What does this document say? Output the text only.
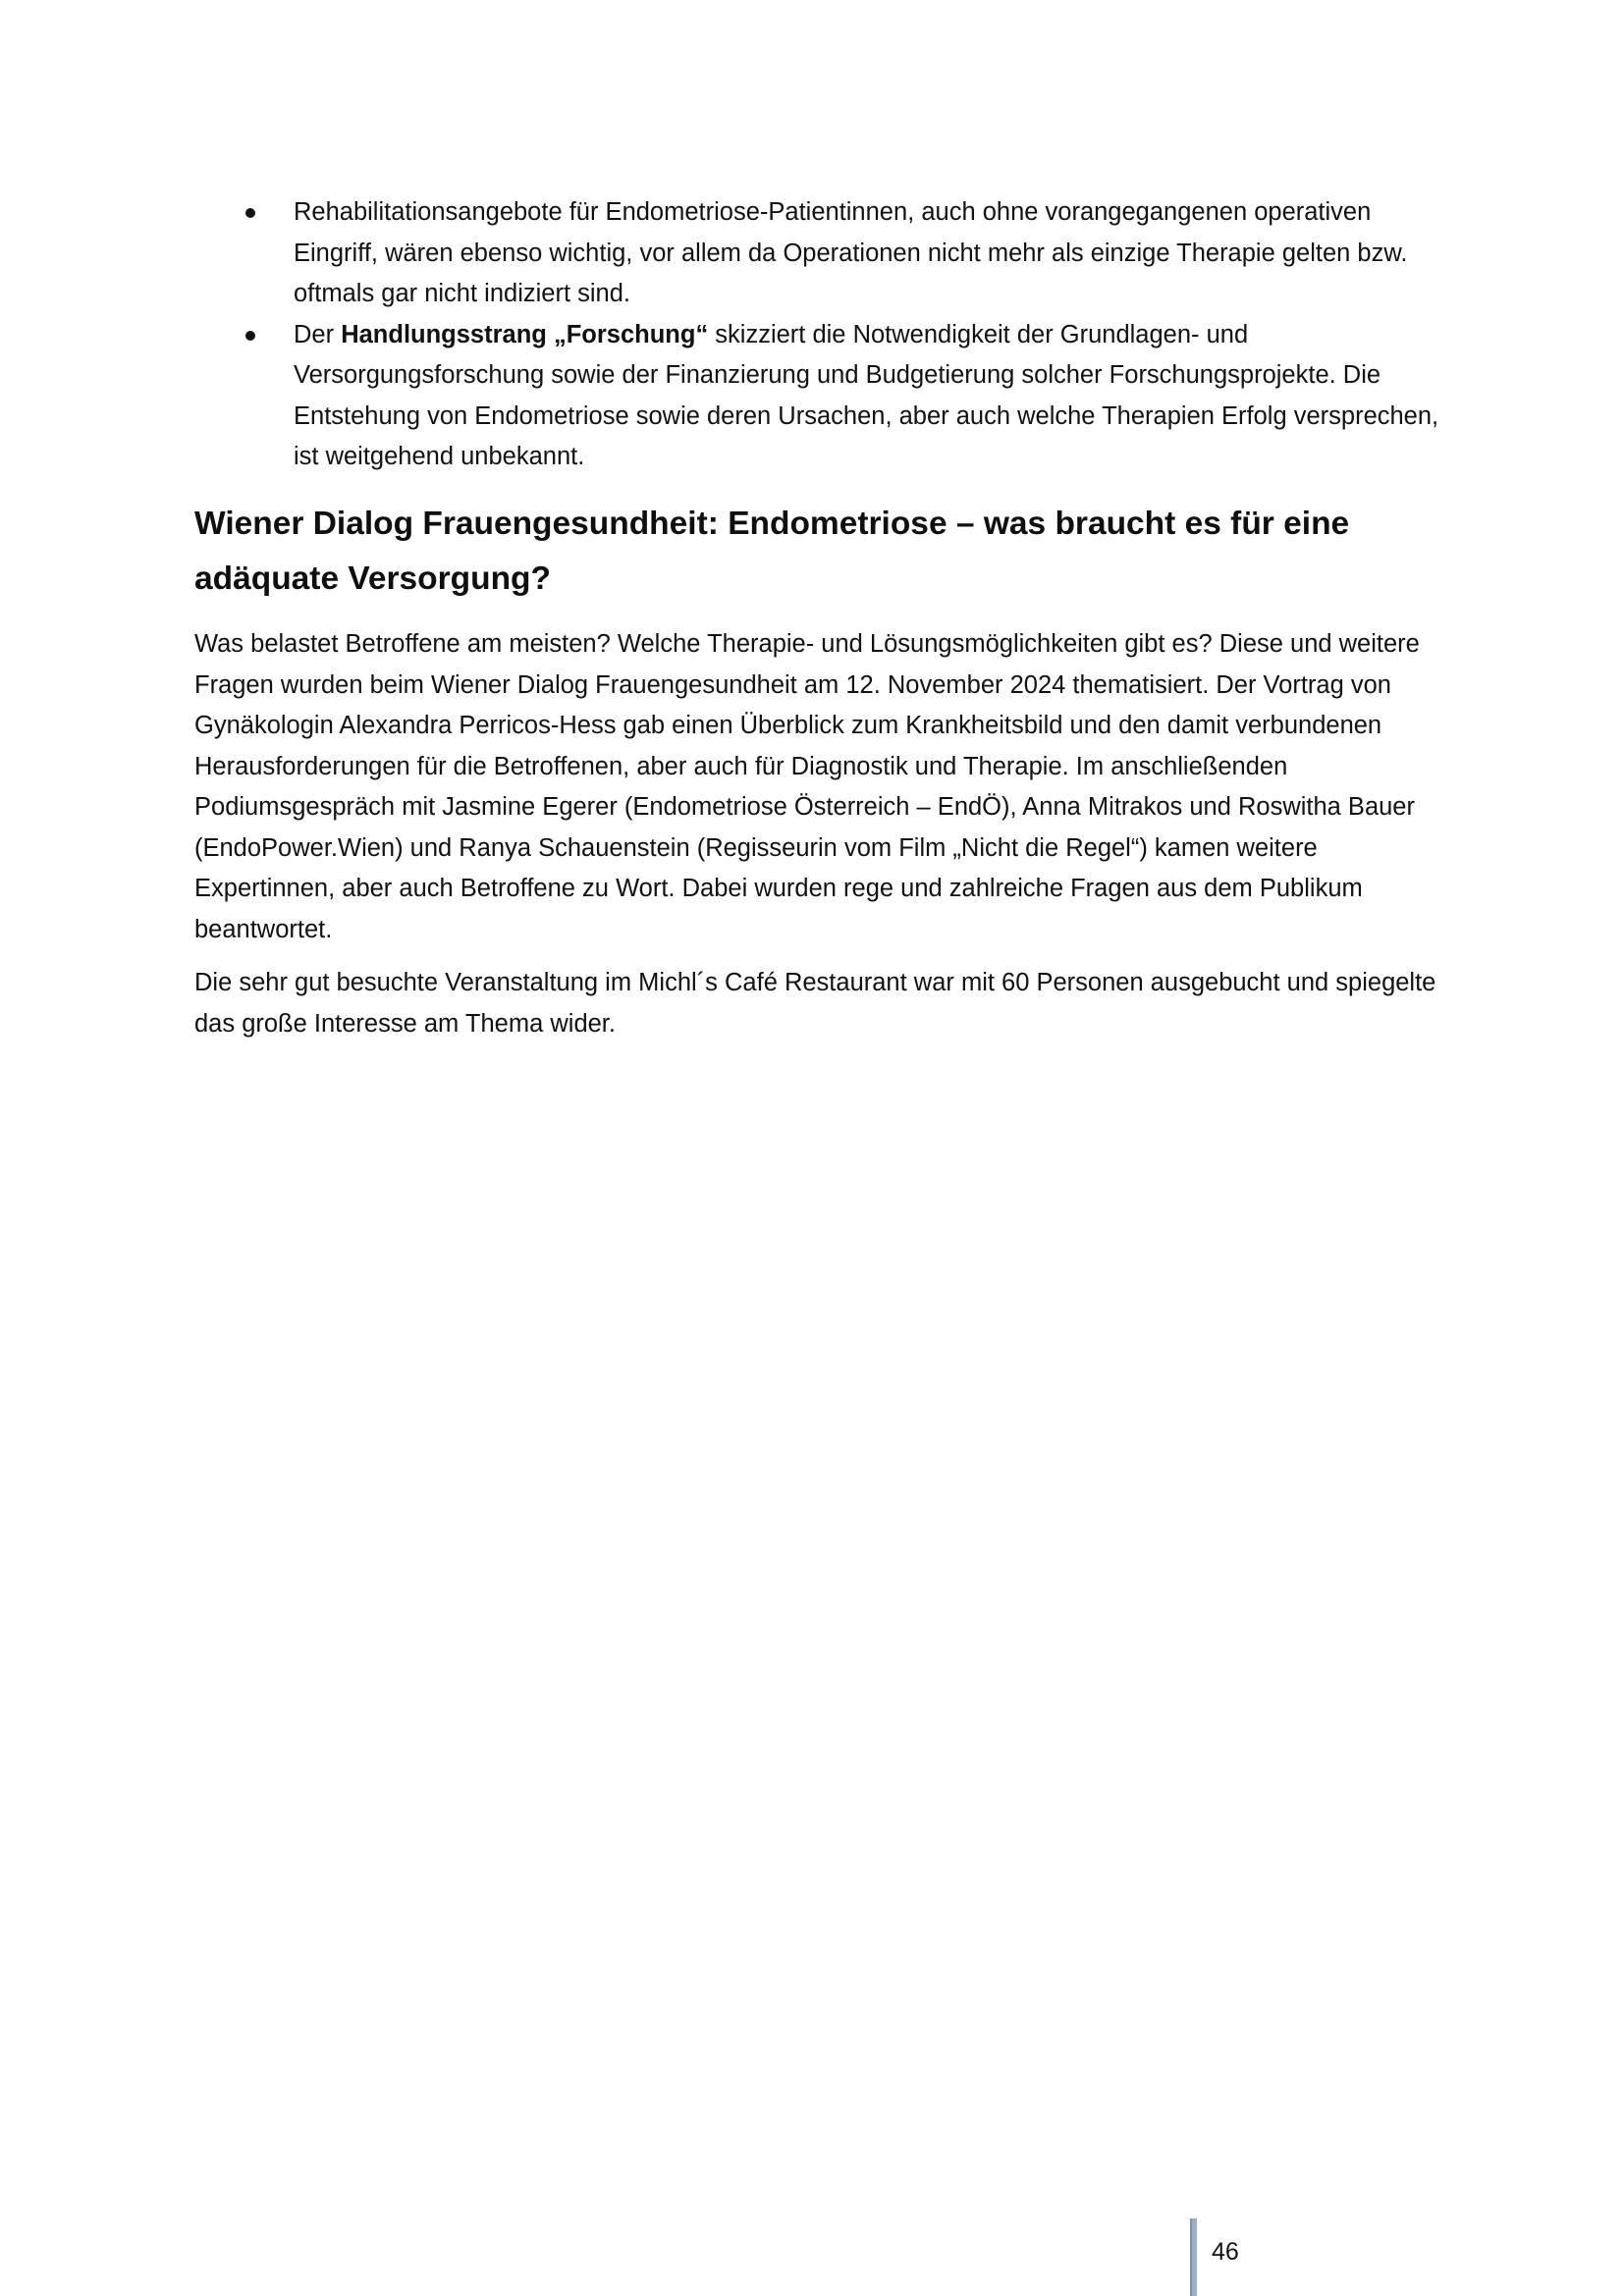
Rehabilitationsangebote für Endometriose-Patientinnen, auch ohne vorangegangenen operativen Eingriff, wären ebenso wichtig, vor allem da Operationen nicht mehr als einzige Therapie gelten bzw. oftmals gar nicht indiziert sind.
Der Handlungsstrang „Forschung“ skizziert die Notwendigkeit der Grundlagen- und Versorgungsforschung sowie der Finanzierung und Budgetierung solcher Forschungsprojekte. Die Entstehung von Endometriose sowie deren Ursachen, aber auch welche Therapien Erfolg versprechen, ist weitgehend unbekannt.
Wiener Dialog Frauengesundheit: Endometriose – was braucht es für eine adäquate Versorgung?

Was belastet Betroffene am meisten? Welche Therapie- und Lösungsmöglichkeiten gibt es? Diese und weitere Fragen wurden beim Wiener Dialog Frauengesundheit am 12. November 2024 thematisiert. Der Vortrag von Gynäkologin Alexandra Perricos-Hess gab einen Überblick zum Krankheitsbild und den damit verbundenen Herausforderungen für die Betroffenen, aber auch für Diagnostik und Therapie. Im anschließenden Podiumsgespräch mit Jasmine Egerer (Endometriose Österreich – EndÖ), Anna Mitrakos und Roswitha Bauer (EndoPower.Wien) und Ranya Schauenstein (Regisseurin vom Film „Nicht die Regel“) kamen weitere Expertinnen, aber auch Betroffene zu Wort. Dabei wurden rege und zahlreiche Fragen aus dem Publikum beantwortet.

Die sehr gut besuchte Veranstaltung im Michl´s Café Restaurant war mit 60 Personen ausgebucht und spiegelte das große Interesse am Thema wider.

46
